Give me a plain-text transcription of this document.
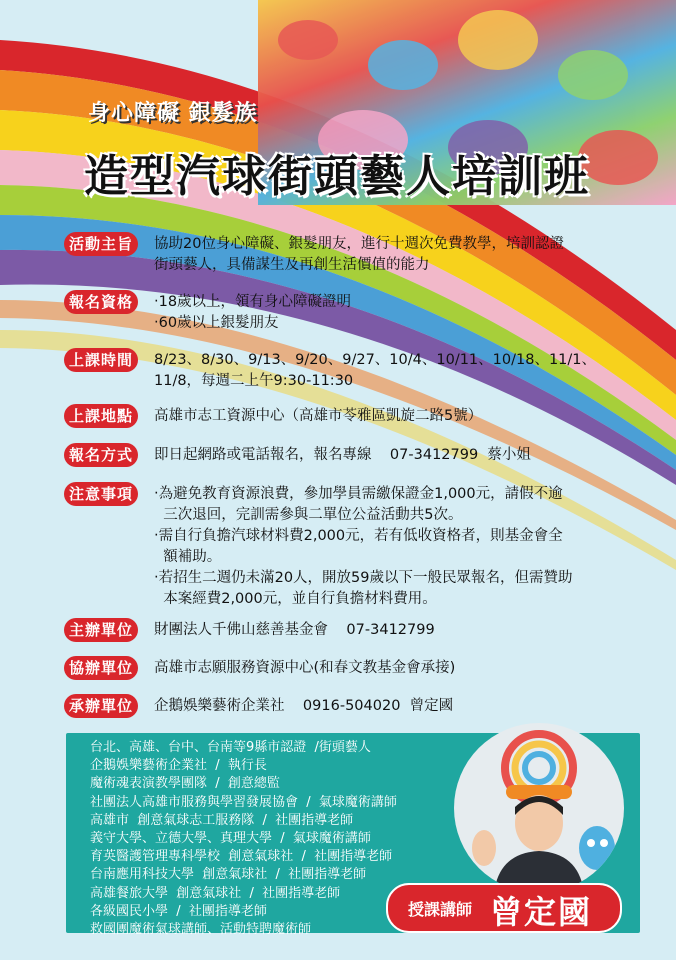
身心障礙 銀髮族
造型汽球街頭藝人培訓班
活動主旨	協助20位身心障礙、銀髮朋友，進行十週次免費教學，培訓認證
街頭藝人，具備謀生及再創生活價值的能力
報名資格	‧18歲以上，領有身心障礙證明
‧60歲以上銀髮朋友
上課時間	8/23、8/30、9/13、9/20、9/27、10/4、10/11、10/18、11/1、
11/8，每週二上午9:30-11:30
上課地點	高雄市志工資源中心（高雄市苓雅區凱旋二路5號）
報名方式	即日起網路或電話報名，報名專線    07-3412799  蔡小姐
注意事項	‧為避免教育資源浪費，參加學員需繳保證金1,000元，請假不逾
三次退回，完訓需參與二單位公益活動共5次。
‧需自行負擔汽球材料費2,000元，若有低收資格者，則基金會全
額補助。
‧若招生二週仍未滿20人，開放59歲以下一般民眾報名，但需贊助
本案經費2,000元，並自行負擔材料費用。
主辦單位	財團法人千佛山慈善基金會    07-3412799
協辦單位	高雄市志願服務資源中心(和春文教基金會承接)
承辦單位	企鵝娛樂藝術企業社    0916-504020  曾定國
台北、高雄、台中、台南等9縣市認證  /街頭藝人
企鵝娛樂藝術企業社  /  執行長
魔術魂表演教學團隊  /  創意總監
社團法人高雄市服務與學習發展協會  /  氣球魔術講師
高雄市  創意氣球志工服務隊  /  社團指導老師
義守大學、立德大學、真理大學  /  氣球魔術講師
育英醫護管理專科學校  創意氣球社  /  社團指導老師
台南應用科技大學  創意氣球社  /  社團指導老師
高雄餐旅大學  創意氣球社  /  社團指導老師
各級國民小學  /  社團指導老師
救國團魔術氣球講師、活動特聘魔術師
授課講師 曾定國
